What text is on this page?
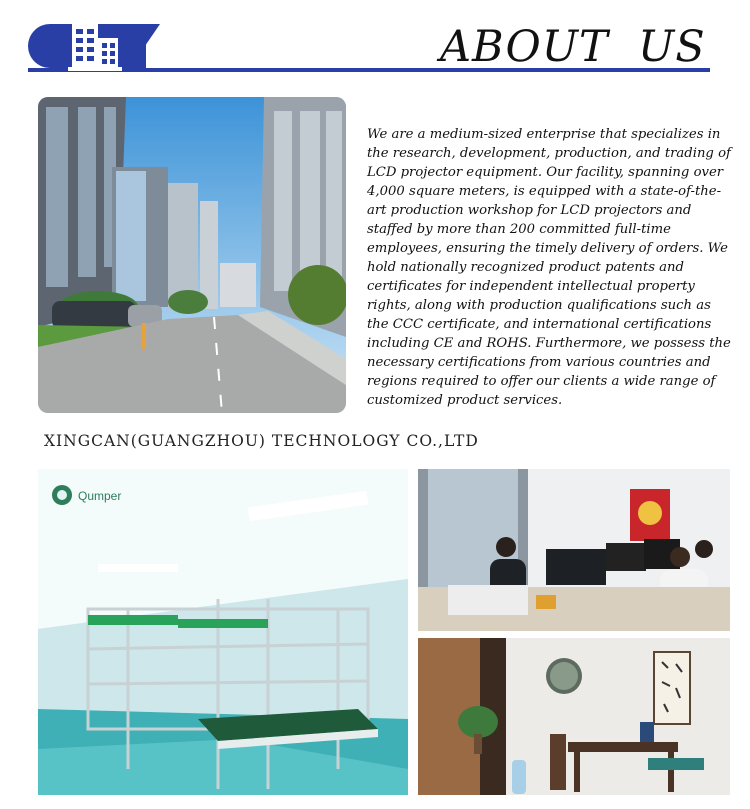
ABOUT  US
We are a medium-sized enterprise that specializes in the research, development, production, and trading of LCD projector equipment. Our facility, spanning over 4,000 square meters, is equipped with a state-of-the-art production workshop for LCD projectors and staffed by more than 200 committed full-time employees, ensuring the timely delivery of orders. We hold nationally recognized product patents and certificates for independent intellectual property rights, along with production qualifications such as the CCC certificate, and international certifications including CE and ROHS. Furthermore, we possess the necessary certifications from various countries and regions required to offer our clients a wide range of customized product services.
XINGCAN(GUANGZHOU) TECHNOLOGY CO.,LTD
Qumper
